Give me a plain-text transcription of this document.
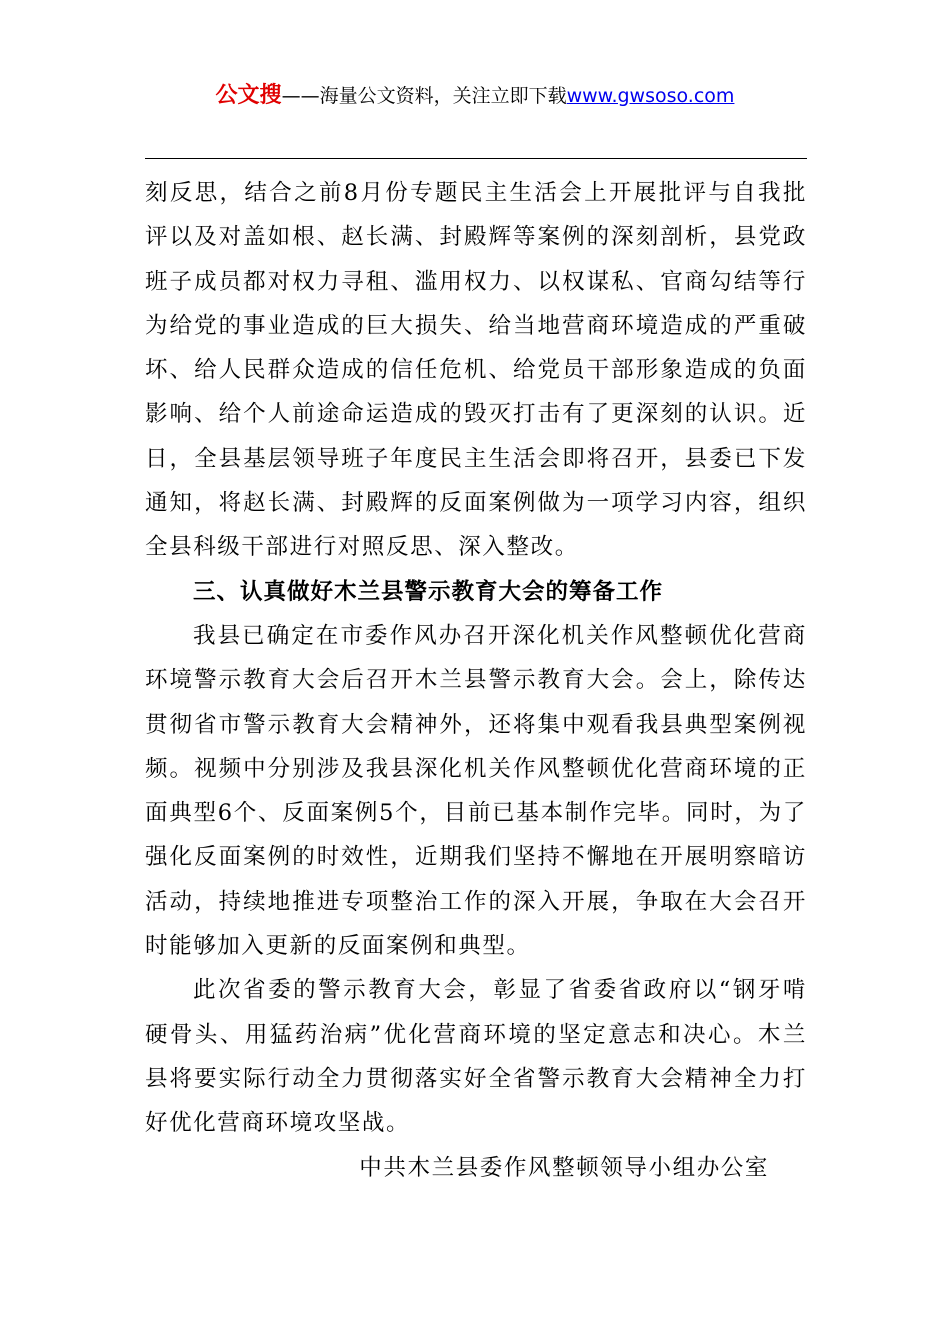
公文搜——海量公文资料，关注立即下载www.gwsoso.com

刻反思，结合之前8月份专题民主生活会上开展批评与自我批评以及对盖如根、赵长满、封殿辉等案例的深刻剖析，县党政班子成员都对权力寻租、滥用权力、以权谋私、官商勾结等行为给党的事业造成的巨大损失、给当地营商环境造成的严重破坏、给人民群众造成的信任危机、给党员干部形象造成的负面影响、给个人前途命运造成的毁灭打击有了更深刻的认识。近日，全县基层领导班子年度民主生活会即将召开，县委已下发通知，将赵长满、封殿辉的反面案例做为一项学习内容，组织全县科级干部进行对照反思、深入整改。

三、认真做好木兰县警示教育大会的筹备工作

我县已确定在市委作风办召开深化机关作风整顿优化营商环境警示教育大会后召开木兰县警示教育大会。会上，除传达贯彻省市警示教育大会精神外，还将集中观看我县典型案例视频。视频中分别涉及我县深化机关作风整顿优化营商环境的正面典型6个、反面案例5个，目前已基本制作完毕。同时，为了强化反面案例的时效性，近期我们坚持不懈地在开展明察暗访活动，持续地推进专项整治工作的深入开展，争取在大会召开时能够加入更新的反面案例和典型。

此次省委的警示教育大会，彰显了省委省政府以“钢牙啃硬骨头、用猛药治病”优化营商环境的坚定意志和决心。木兰县将要实际行动全力贯彻落实好全省警示教育大会精神全力打好优化营商环境攻坚战。

中共木兰县委作风整顿领导小组办公室
